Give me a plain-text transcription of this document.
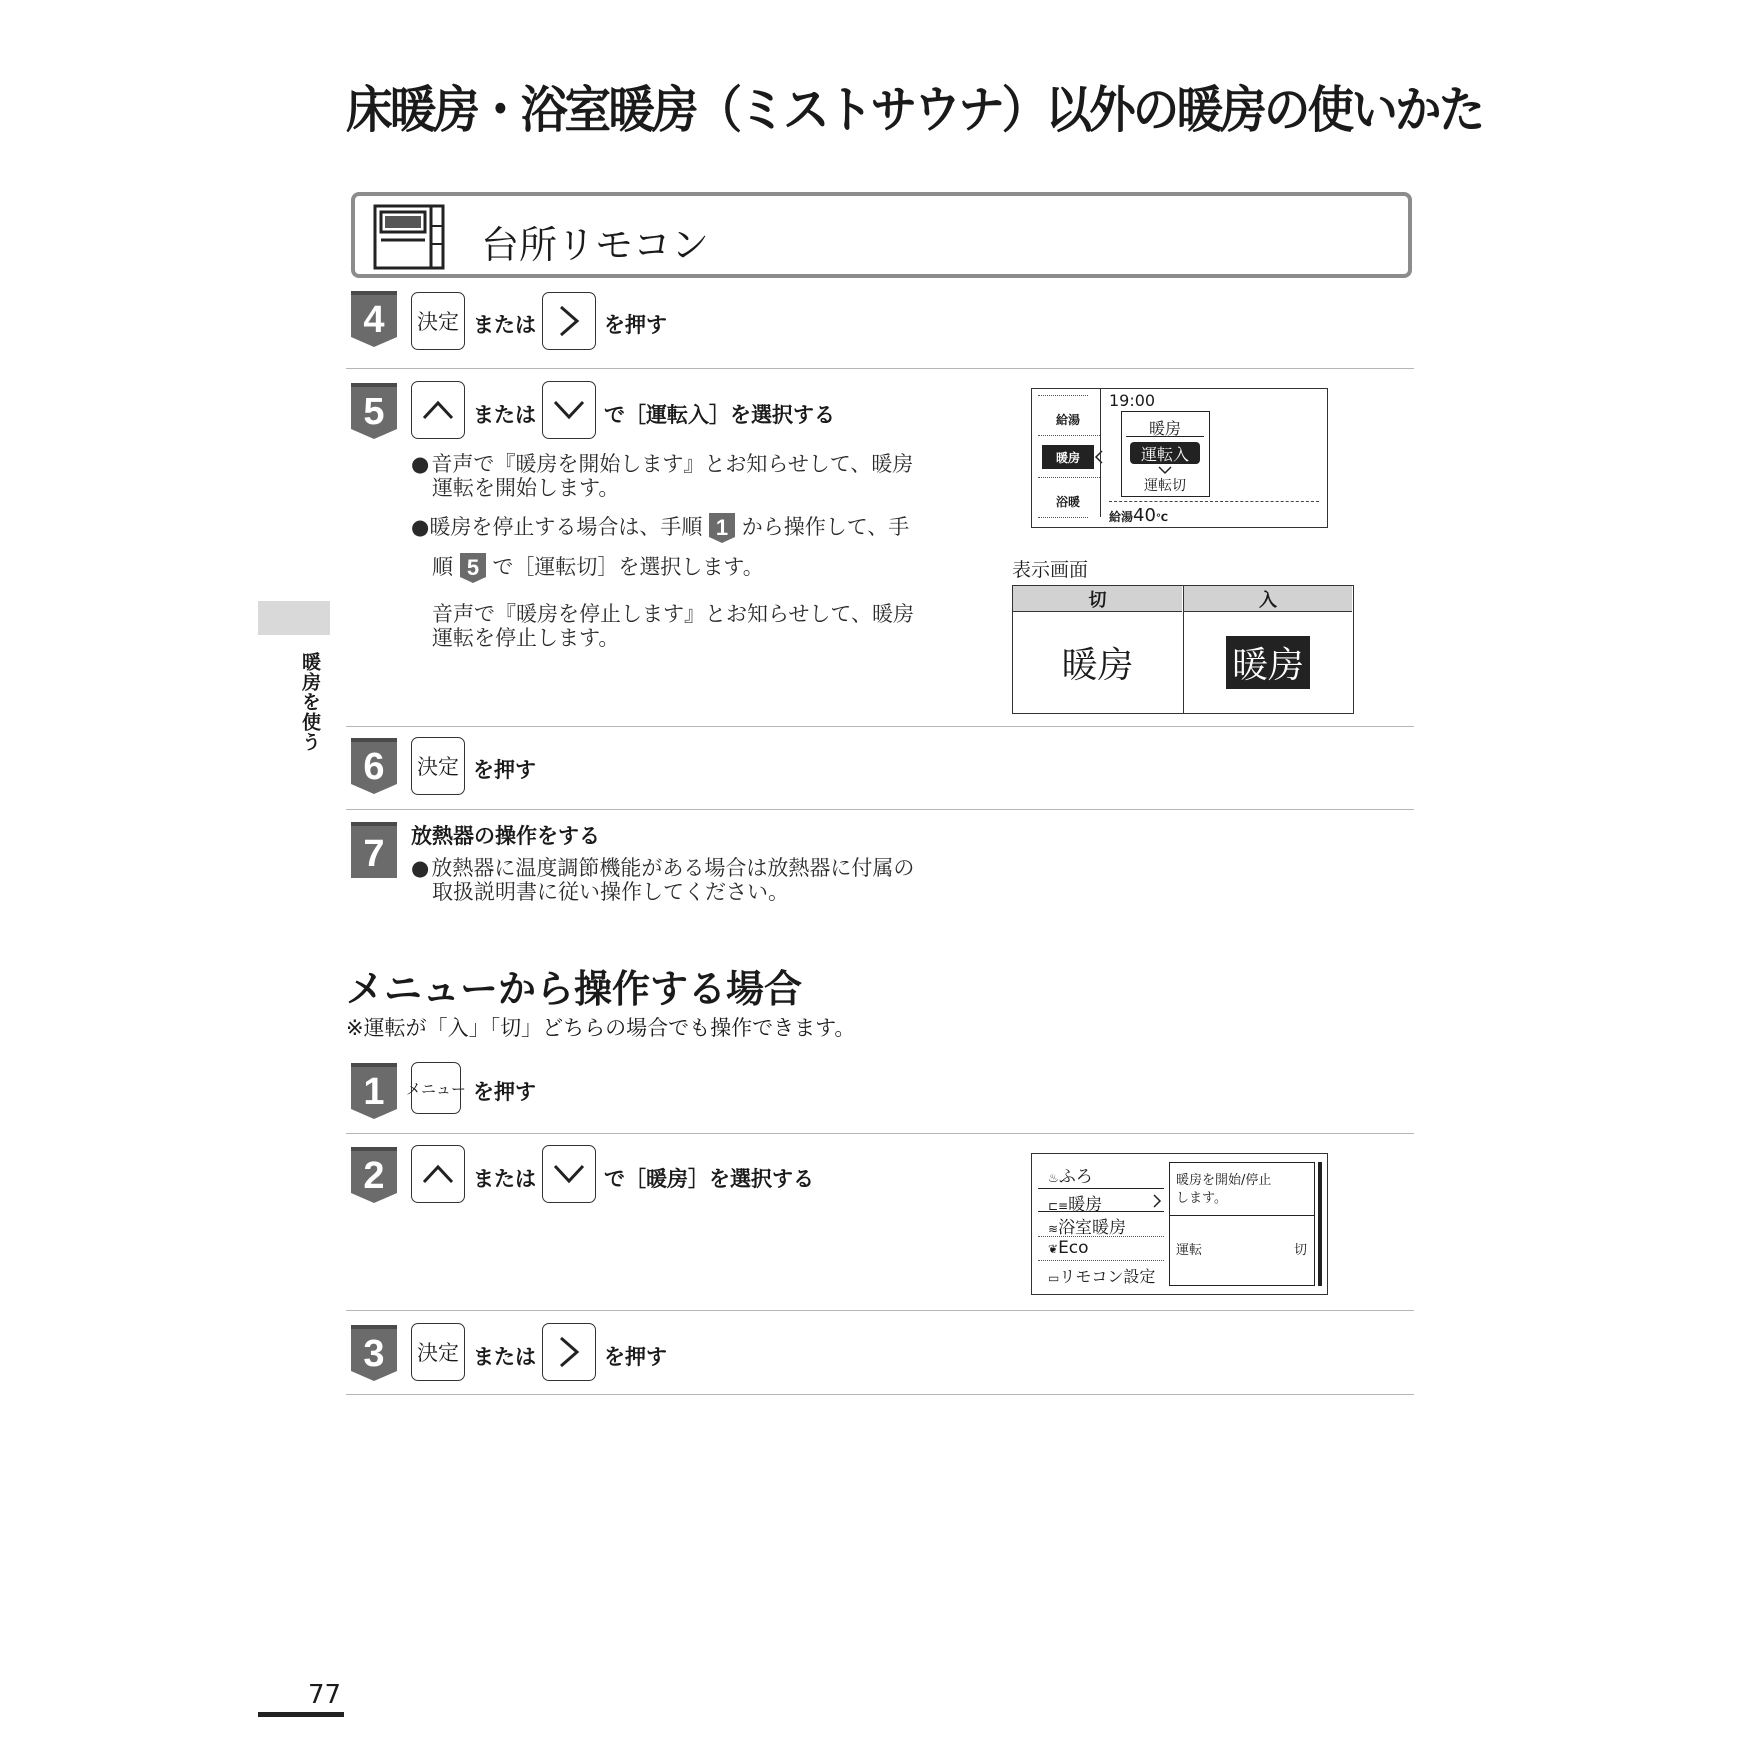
床暖房・浴室暖房（ミストサウナ）以外の暖房の使いかた
台所リモコン
暖房を使う
4 決定 または	を押す
5	または	で［運転入］を選択する
● 音声で『暖房を開始します』とお知らせして、暖房
運転を開始します。
●暖房を停止する場合は、手順 1 から操作して、手
順 5 で［運転切］を選択します。
音声で『暖房を停止します』とお知らせして、暖房
運転を停止します。
給湯
暖房
浴暖
19:00
暖房
運転入
運転切
給湯40℃
表示画面
切	入
暖房	暖房
6 決定 を押す
7 放熱器の操作をする
● 放熱器に温度調節機能がある場合は放熱器に付属の
取扱説明書に従い操作してください。
メニューから操作する場合
※運転が「入」「切」どちらの場合でも操作できます。
1 メニュー を押す
2	または	で［暖房］を選択する	♨ふろ
⊏≡暖房
≋浴室暖房
❦Eco
▭リモコン設定
暖房を開始/停止
します。
運転	切
3 決定 または	を押す
77
